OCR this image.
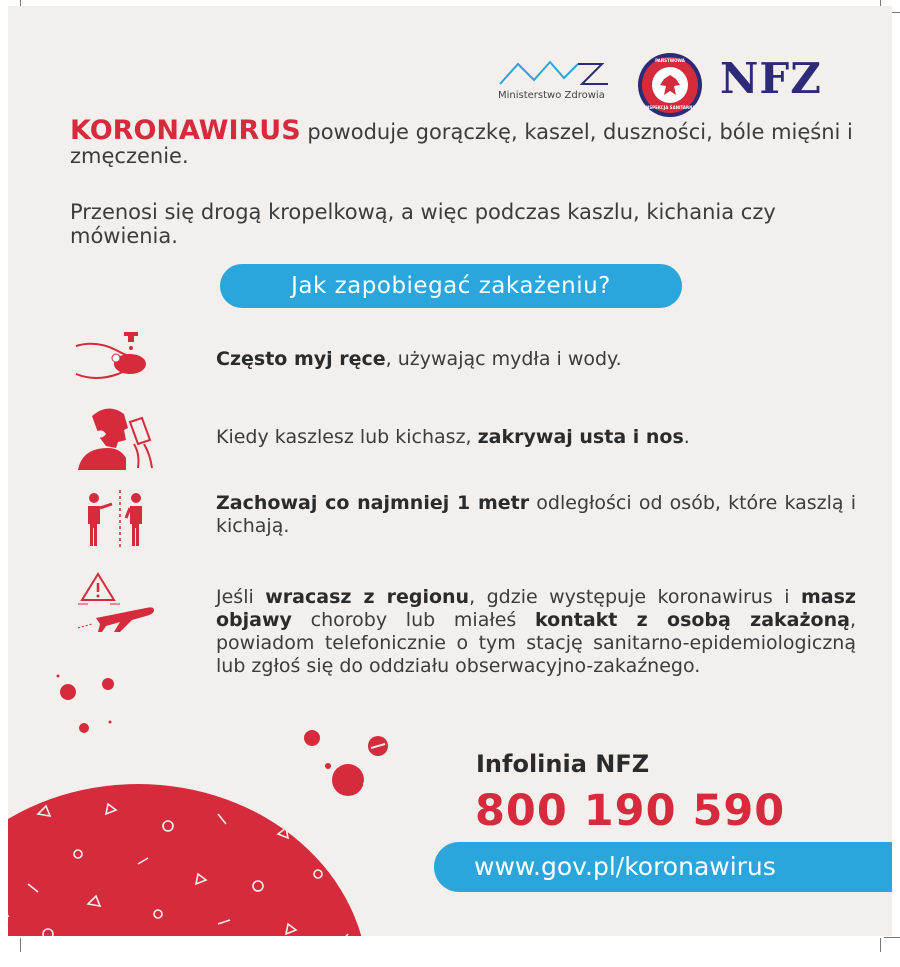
Ministerstwo Zdrowia
PAŃSTWOWA
INSPEKCJA SANITARNA
NFZ
KORONAWIRUS powoduje gorączkę, kaszel, duszności, bóle mięśni i zmęczenie.
Przenosi się drogą kropelkową, a więc podczas kaszlu, kichania czy mówienia.
Jak zapobiegać zakażeniu?
Często myj ręce, używając mydła i wody.
Kiedy kaszlesz lub kichasz, zakrywaj usta i nos.
Zachowaj co najmniej 1 metr odległości od osób, które kaszlą i kichają.
Jeśli wracasz z regionu, gdzie występuje koronawirus i masz objawy choroby lub miałeś kontakt z osobą zakażoną, powiadom telefonicznie o tym stację sanitarno-epidemiologiczną lub zgłoś się do oddziału obserwacyjno-zakaźnego.
Infolinia NFZ
800 190 590
www.gov.pl/koronawirus
